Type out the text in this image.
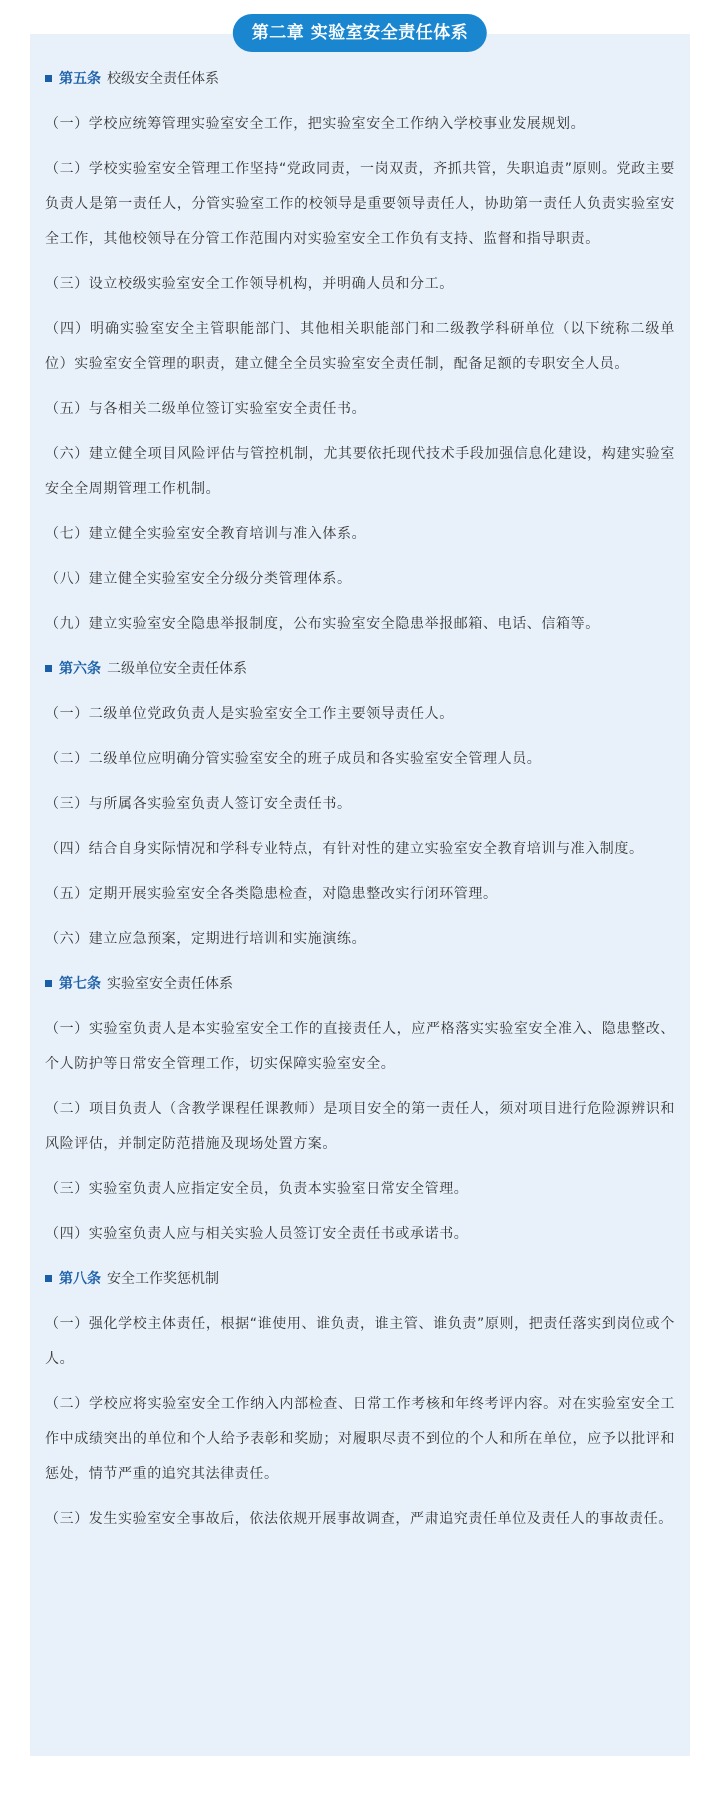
第二章 实验室安全责任体系
第五条 校级安全责任体系
（一）学校应统筹管理实验室安全工作，把实验室安全工作纳入学校事业发展规划。
（二）学校实验室安全管理工作坚持“党政同责，一岗双责，齐抓共管，失职追责”原则。党政主要负责人是第一责任人，分管实验室工作的校领导是重要领导责任人，协助第一责任人负责实验室安全工作，其他校领导在分管工作范围内对实验室安全工作负有支持、监督和指导职责。
（三）设立校级实验室安全工作领导机构，并明确人员和分工。
（四）明确实验室安全主管职能部门、其他相关职能部门和二级教学科研单位（以下统称二级单位）实验室安全管理的职责，建立健全全员实验室安全责任制，配备足额的专职安全人员。
（五）与各相关二级单位签订实验室安全责任书。
（六）建立健全项目风险评估与管控机制，尤其要依托现代技术手段加强信息化建设，构建实验室安全全周期管理工作机制。
（七）建立健全实验室安全教育培训与准入体系。
（八）建立健全实验室安全分级分类管理体系。
（九）建立实验室安全隐患举报制度，公布实验室安全隐患举报邮箱、电话、信箱等。
第六条 二级单位安全责任体系
（一）二级单位党政负责人是实验室安全工作主要领导责任人。
（二）二级单位应明确分管实验室安全的班子成员和各实验室安全管理人员。
（三）与所属各实验室负责人签订安全责任书。
（四）结合自身实际情况和学科专业特点，有针对性的建立实验室安全教育培训与准入制度。
（五）定期开展实验室安全各类隐患检查，对隐患整改实行闭环管理。
（六）建立应急预案，定期进行培训和实施演练。
第七条 实验室安全责任体系
（一）实验室负责人是本实验室安全工作的直接责任人，应严格落实实验室安全准入、隐患整改、个人防护等日常安全管理工作，切实保障实验室安全。
（二）项目负责人（含教学课程任课教师）是项目安全的第一责任人，须对项目进行危险源辨识和风险评估，并制定防范措施及现场处置方案。
（三）实验室负责人应指定安全员，负责本实验室日常安全管理。
（四）实验室负责人应与相关实验人员签订安全责任书或承诺书。
第八条 安全工作奖惩机制
（一）强化学校主体责任，根据“谁使用、谁负责，谁主管、谁负责”原则，把责任落实到岗位或个人。
（二）学校应将实验室安全工作纳入内部检查、日常工作考核和年终考评内容。对在实验室安全工作中成绩突出的单位和个人给予表彰和奖励；对履职尽责不到位的个人和所在单位，应予以批评和惩处，情节严重的追究其法律责任。
（三）发生实验室安全事故后，依法依规开展事故调查，严肃追究责任单位及责任人的事故责任。
